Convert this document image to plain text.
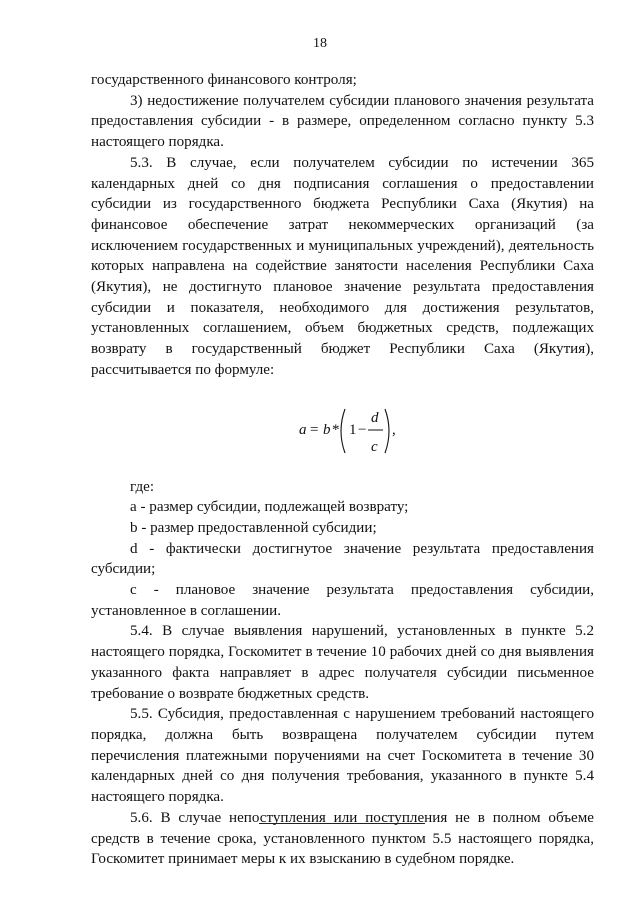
18

государственного финансового контроля;

3) недостижение получателем субсидии планового значения результата предоставления субсидии - в размере, определенном согласно пункту 5.3 настоящего порядка.

5.3. В случае, если получателем субсидии по истечении 365 календарных дней со дня подписания соглашения о предоставлении субсидии из государственного бюджета Республики Саха (Якутия) на финансовое обеспечение затрат некоммерческих организаций (за исключением государственных и муниципальных учреждений), деятельность которых направлена на содействие занятости населения Республики Саха (Якутия), не достигнуто плановое значение результата предоставления субсидии и показателя, необходимого для достижения результатов, установленных соглашением, объем бюджетных средств, подлежащих возврату в государственный бюджет Республики Саха (Якутия), рассчитывается по формуле:

a = b * 1 −
d
c
,

где:

a - размер субсидии, подлежащей возврату;

b - размер предоставленной субсидии;

d - фактически достигнутое значение результата предоставления субсидии;

c - плановое значение результата предоставления субсидии, установленное в соглашении.

5.4. В случае выявления нарушений, установленных в пункте 5.2 настоящего порядка, Госкомитет в течение 10 рабочих дней со дня выявления указанного факта направляет в адрес получателя субсидии письменное требование о возврате бюджетных средств.

5.5. Субсидия, предоставленная с нарушением требований настоящего порядка, должна быть возвращена получателем субсидии путем перечисления платежными поручениями на счет Госкомитета в течение 30 календарных дней со дня получения требования, указанного в пункте 5.4 настоящего порядка.

5.6. В случае непоступления или поступления не в полном объеме средств в течение срока, установленного пунктом 5.5 настоящего порядка, Госкомитет принимает меры к их взысканию в судебном порядке.
